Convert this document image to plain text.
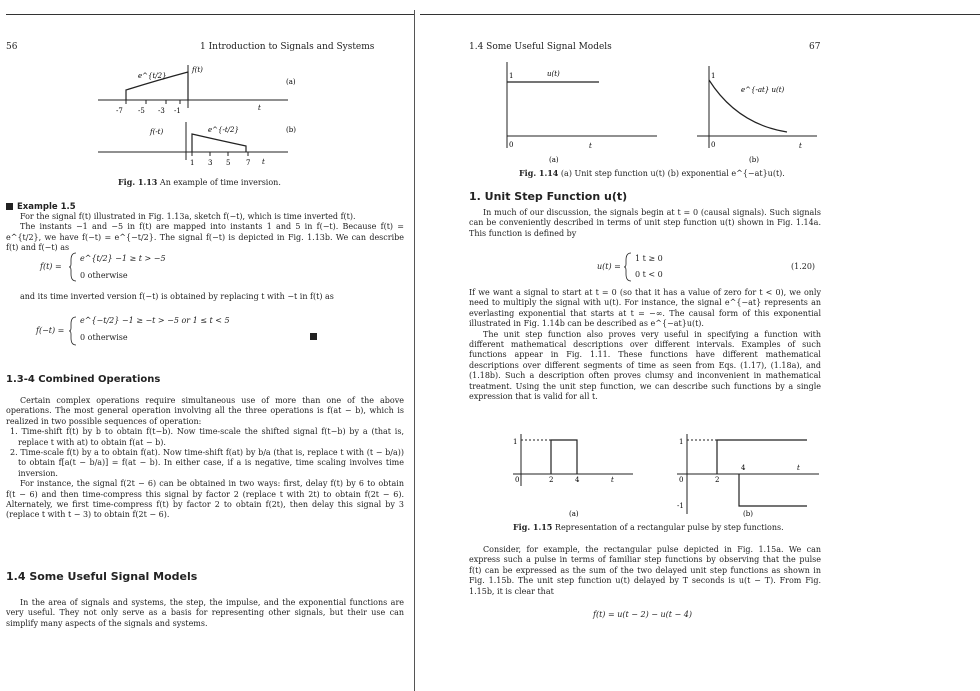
56	1 Introduction to Signals and Systems
-7 -5 -3 -1
e^{t/2}
f(t)
t
(a)
1 3 5 7
e^{-t/2}
f(-t)
t
(b)
Fig. 1.13 An example of time inversion.
Example 1.5

For the signal f(t) illustrated in Fig. 1.13a, sketch f(−t), which is time inverted f(t).

The instants −1 and −5 in f(t) are mapped into instants 1 and 5 in f(−t). Because f(t) = e^{t/2}, we have f(−t) = e^{−t/2}. The signal f(−t) is depicted in Fig. 1.13b. We can describe f(t) and f(−t) as

f(t) =
e^{t/2} −1 ≥ t > −5
0 otherwise
and its time inverted version f(−t) is obtained by replacing t with −t in f(t) as
f(−t) =
e^{−t/2} −1 ≥ −t > −5 or 1 ≤ t < 5
0 otherwise
1.3-4 Combined Operations

Certain complex operations require simultaneous use of more than one of the above operations. The most general operation involving all the three operations is f(at − b), which is realized in two possible sequences of operation:

1. Time-shift f(t) by b to obtain f(t−b). Now time-scale the shifted signal f(t−b) by a (that is, replace t with at) to obtain f(at − b).

2. Time-scale f(t) by a to obtain f(at). Now time-shift f(at) by b/a (that is, replace t with (t − b/a)) to obtain f[a(t − b/a)] = f(at − b). In either case, if a is negative, time scaling involves time inversion.

For instance, the signal f(2t − 6) can be obtained in two ways: first, delay f(t) by 6 to obtain f(t − 6) and then time-compress this signal by factor 2 (replace t with 2t) to obtain f(2t − 6). Alternately, we first time-compress f(t) by factor 2 to obtain f(2t), then delay this signal by 3 (replace t with t − 3) to obtain f(2t − 6).

1.4 Some Useful Signal Models

In the area of signals and systems, the step, the impulse, and the exponential functions are very useful. They not only serve as a basis for representing other signals, but their use can simplify many aspects of the signals and systems.

1.4 Some Useful Signal Models	67
1
0
u(t)
t
(a)
1
0
e^{-at} u(t)
t
(b)
Fig. 1.14 (a) Unit step function u(t) (b) exponential e^{−at}u(t).
1. Unit Step Function u(t)

In much of our discussion, the signals begin at t = 0 (causal signals). Such signals can be conveniently described in terms of unit step function u(t) shown in Fig. 1.14a. This function is defined by

u(t) =
1 t ≥ 0
0 t < 0
(1.20)

If we want a signal to start at t = 0 (so that it has a value of zero for t < 0), we only need to multiply the signal with u(t). For instance, the signal e^{−at} represents an everlasting exponential that starts at t = −∞. The causal form of this exponential illustrated in Fig. 1.14b can be described as e^{−at}u(t).

The unit step function also proves very useful in specifying a function with different mathematical descriptions over different intervals. Examples of such functions appear in Fig. 1.11. These functions have different mathematical descriptions over different segments of time as seen from Eqs. (1.17), (1.18a), and (1.18b). Such a description often proves clumsy and inconvenient in mathematical treatment. Using the unit step function, we can describe such functions by a single expression that is valid for all t.

1
0	2	4	t
(a)
1
0
-1
2
4	t
(b)
Fig. 1.15 Representation of a rectangular pulse by step functions.

Consider, for example, the rectangular pulse depicted in Fig. 1.15a. We can express such a pulse in terms of familiar step functions by observing that the pulse f(t) can be expressed as the sum of the two delayed unit step functions as shown in Fig. 1.15b. The unit step function u(t) delayed by T seconds is u(t − T). From Fig. 1.15b, it is clear that

f(t) = u(t − 2) − u(t − 4)
